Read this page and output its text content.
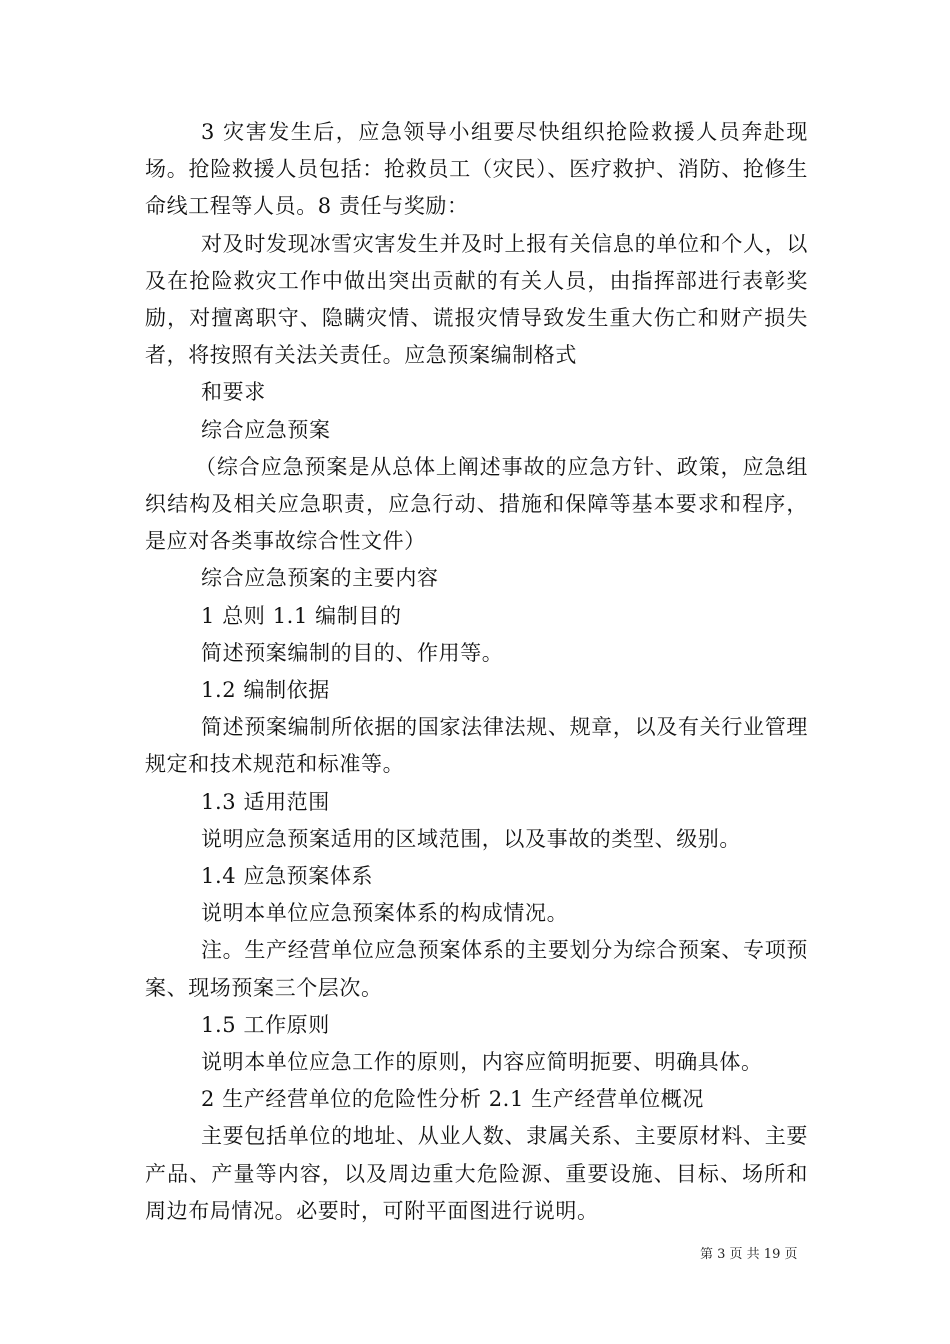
3 灾害发生后，应急领导小组要尽快组织抢险救援人员奔赴现场。抢险救援人员包括：抢救员工（灾民）、医疗救护、消防、抢修生命线工程等人员。8 责任与奖励：

对及时发现冰雪灾害发生并及时上报有关信息的单位和个人，以及在抢险救灾工作中做出突出贡献的有关人员，由指挥部进行表彰奖励，对擅离职守、隐瞒灾情、谎报灾情导致发生重大伤亡和财产损失者，将按照有关法关责任。应急预案编制格式

和要求

综合应急预案

（综合应急预案是从总体上阐述事故的应急方针、政策，应急组织结构及相关应急职责，应急行动、措施和保障等基本要求和程序，是应对各类事故综合性文件）

综合应急预案的主要内容

1 总则 1.1 编制目的

简述预案编制的目的、作用等。

1.2 编制依据

简述预案编制所依据的国家法律法规、规章，以及有关行业管理规定和技术规范和标准等。

1.3 适用范围

说明应急预案适用的区域范围，以及事故的类型、级别。

1.4 应急预案体系

说明本单位应急预案体系的构成情况。

注。生产经营单位应急预案体系的主要划分为综合预案、专项预案、现场预案三个层次。

1.5 工作原则

说明本单位应急工作的原则，内容应简明扼要、明确具体。

2 生产经营单位的危险性分析 2.1 生产经营单位概况

主要包括单位的地址、从业人数、隶属关系、主要原材料、主要产品、产量等内容，以及周边重大危险源、重要设施、目标、场所和周边布局情况。必要时，可附平面图进行说明。

第 3 页 共 19 页
